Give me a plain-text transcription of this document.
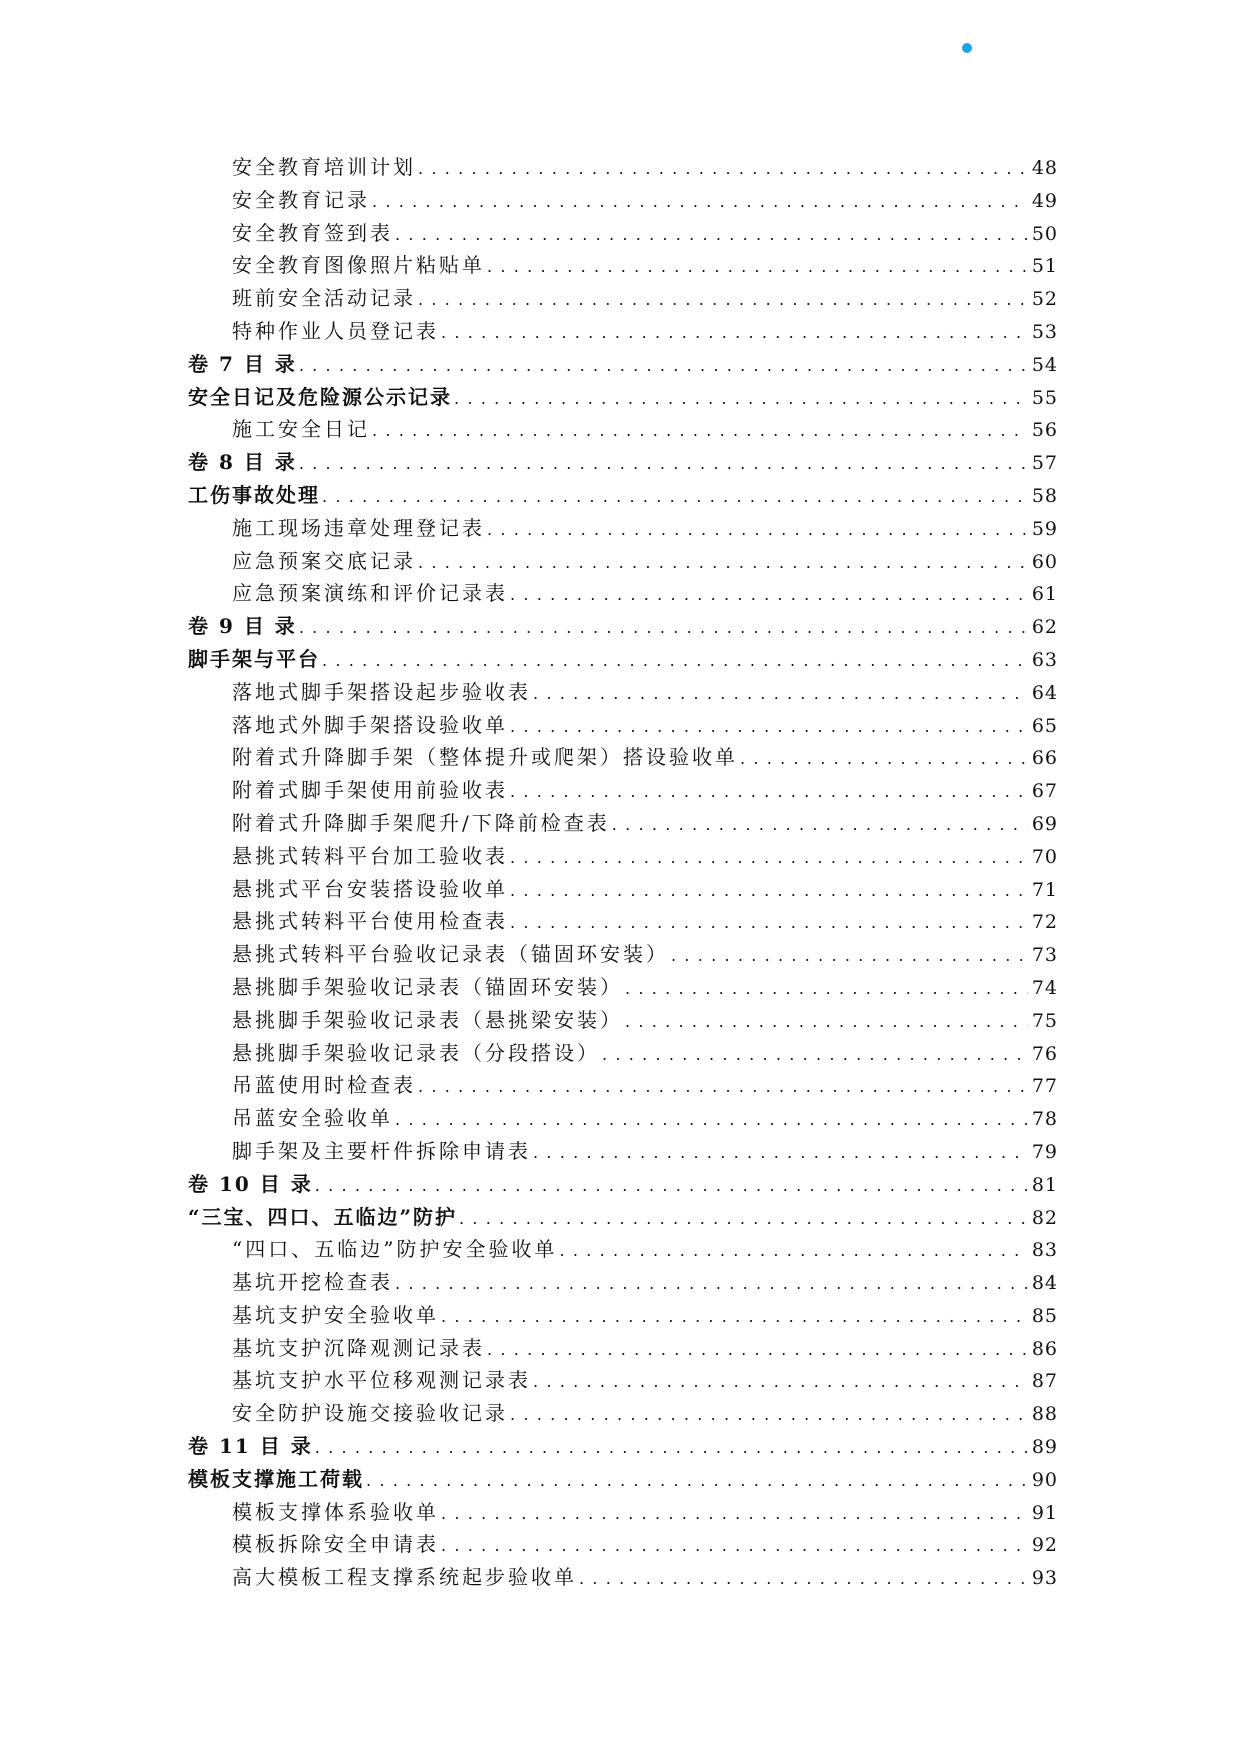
安全教育培训计划 . . .	48
安全教育记录 . . .	49
安全教育签到表 . . .	50
安全教育图像照片粘贴单 . . .	51
班前安全活动记录 . . .	52
特种作业人员登记表 . . .	53
卷 7 目 录 . . .	54
安全日记及危险源公示记录 . . .	55
施工安全日记 . . .	56
卷 8 目 录 . . .	57
工伤事故处理 . . .	58
施工现场违章处理登记表 . . .	59
应急预案交底记录 . . .	60
应急预案演练和评价记录表 . . .	61
卷 9 目 录 . . .	62
脚手架与平台 . . .	63
落地式脚手架搭设起步验收表 . . .	64
落地式外脚手架搭设验收单 . . .	65
附着式升降脚手架（整体提升或爬架）搭设验收单 . . .	66
附着式脚手架使用前验收表 . . .	67
附着式升降脚手架爬升/下降前检查表 . . .	69
悬挑式转料平台加工验收表 . . .	70
悬挑式平台安装搭设验收单 . . .	71
悬挑式转料平台使用检查表 . . .	72
悬挑式转料平台验收记录表（锚固环安装） . . .	73
悬挑脚手架验收记录表（锚固环安装） . . .	74
悬挑脚手架验收记录表（悬挑梁安装） . . .	75
悬挑脚手架验收记录表（分段搭设） . . .	76
吊蓝使用时检查表 . . .	77
吊蓝安全验收单 . . .	78
脚手架及主要杆件拆除申请表 . . .	79
卷 10 目 录 . . .	81
“三宝、四口、五临边”防护 . . .	82
“四口、五临边”防护安全验收单 . . .	83
基坑开挖检查表 . . .	84
基坑支护安全验收单 . . .	85
基坑支护沉降观测记录表 . . .	86
基坑支护水平位移观测记录表 . . .	87
安全防护设施交接验收记录 . . .	88
卷 11 目 录 . . .	89
模板支撑施工荷载 . . .	90
模板支撑体系验收单 . . .	91
模板拆除安全申请表 . . .	92
高大模板工程支撑系统起步验收单 . . .	93
